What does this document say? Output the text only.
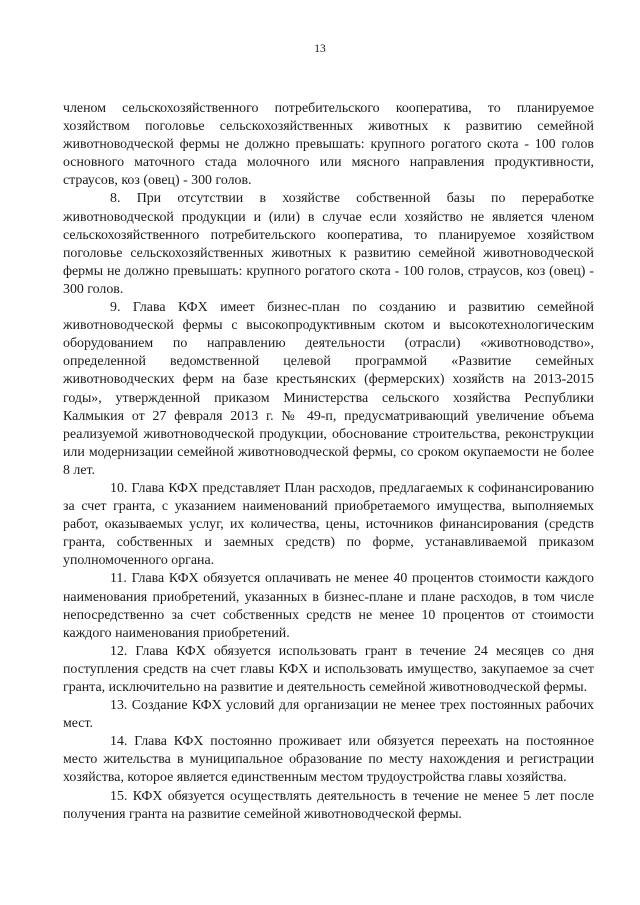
13

членом сельскохозяйственного потребительского кооператива, то планируемое хозяйством поголовье сельскохозяйственных животных к развитию семейной животноводческой фермы не должно превышать: крупного рогатого скота - 100 голов основного маточного стада молочного или мясного направления продуктивности, страусов, коз (овец) - 300 голов.

8. При отсутствии в хозяйстве собственной базы по переработке животноводческой продукции и (или) в случае если хозяйство не является членом сельскохозяйственного потребительского кооператива, то планируемое хозяйством поголовье сельскохозяйственных животных к развитию семейной животноводческой фермы не должно превышать: крупного рогатого скота - 100 голов, страусов, коз (овец) - 300 голов.

9. Глава КФХ имеет бизнес-план по созданию и развитию семейной животноводческой фермы с высокопродуктивным скотом и высокотехнологическим оборудованием по направлению деятельности (отрасли) «животноводство», определенной ведомственной целевой программой «Развитие семейных животноводческих ферм на базе крестьянских (фермерских) хозяйств на 2013-2015 годы», утвержденной приказом Министерства сельского хозяйства Республики Калмыкия от 27 февраля 2013 г. № 49-п, предусматривающий увеличение объема реализуемой животноводческой продукции, обоснование строительства, реконструкции или модернизации семейной животноводческой фермы, со сроком окупаемости не более 8 лет.

10. Глава КФХ представляет План расходов, предлагаемых к софинансированию за счет гранта, с указанием наименований приобретаемого имущества, выполняемых работ, оказываемых услуг, их количества, цены, источников финансирования (средств гранта, собственных и заемных средств) по форме, устанавливаемой приказом уполномоченного органа.

11. Глава КФХ обязуется оплачивать не менее 40 процентов стоимости каждого наименования приобретений, указанных в бизнес-плане и плане расходов, в том числе непосредственно за счет собственных средств не менее 10 процентов от стоимости каждого наименования приобретений.

12. Глава КФХ обязуется использовать грант в течение 24 месяцев со дня поступления средств на счет главы КФХ и использовать имущество, закупаемое за счет гранта, исключительно на развитие и деятельность семейной животноводческой фермы.

13. Создание КФХ условий для организации не менее трех постоянных рабочих мест.

14. Глава КФХ постоянно проживает или обязуется переехать на постоянное место жительства в муниципальное образование по месту нахождения и регистрации хозяйства, которое является единственным местом трудоустройства главы хозяйства.

15. КФХ обязуется осуществлять деятельность в течение не менее 5 лет после получения гранта на развитие семейной животноводческой фермы.
